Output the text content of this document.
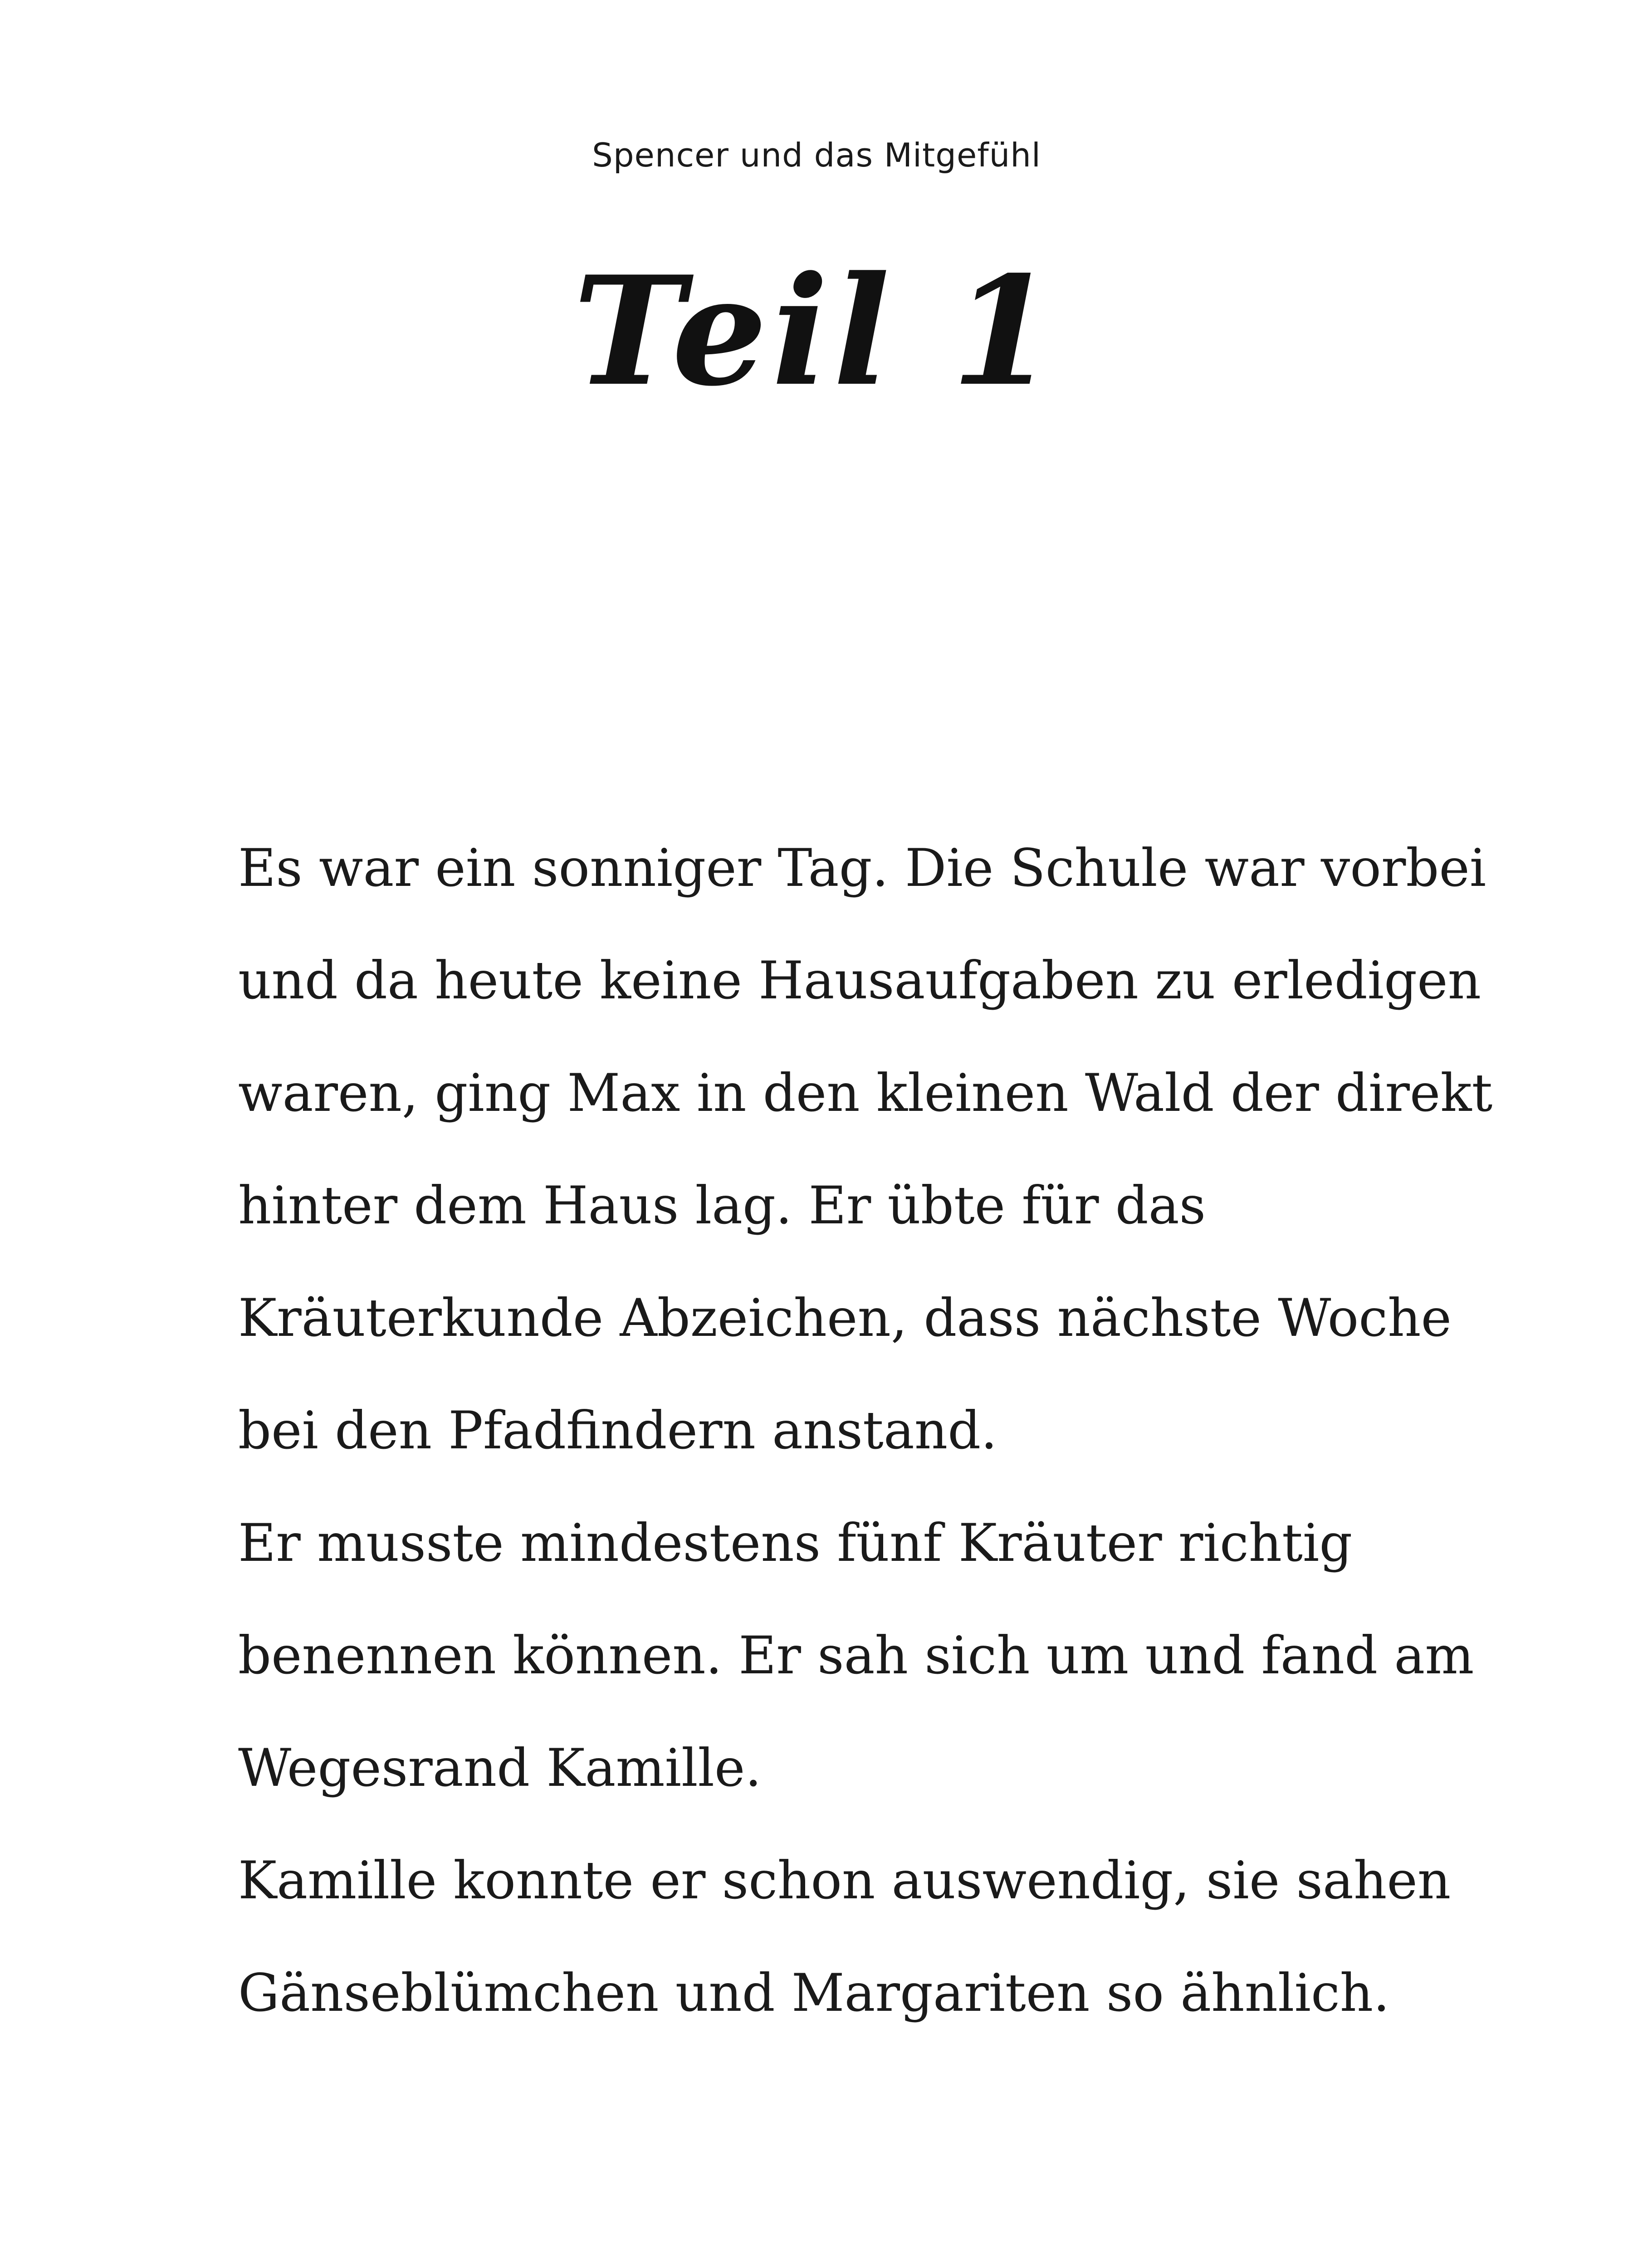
Spencer und das Mitgefühl
Teil 1

Es war ein sonniger Tag. Die Schule war vorbei
und da heute keine Hausaufgaben zu erledigen
waren, ging Max in den kleinen Wald der direkt
hinter dem Haus lag. Er übte für das
Kräuterkunde Abzeichen, dass nächste Woche
bei den Pfadfindern anstand.

Er musste mindestens fünf Kräuter richtig
benennen können. Er sah sich um und fand am
Wegesrand Kamille.

Kamille konnte er schon auswendig, sie sahen
Gänseblümchen und Margariten so ähnlich.
